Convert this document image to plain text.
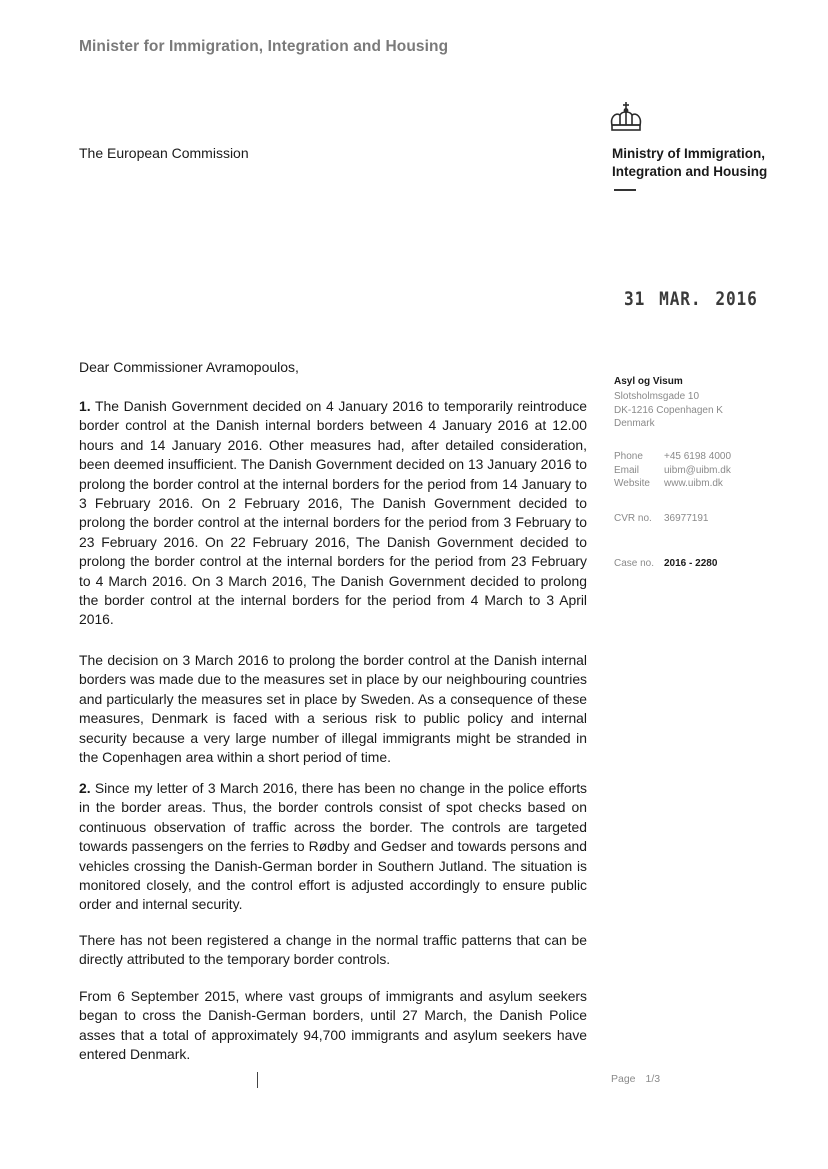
Minister for Immigration, Integration and Housing
The European Commission	Ministry of Immigration,
Integration and Housing
31 MAR. 2016
Dear Commissioner Avramopoulos,
1. The Danish Government decided on 4 January 2016 to temporarily reintroduce border control at the Danish internal borders between 4 January 2016 at 12.00 hours and 14 January 2016. Other measures had, after detailed consideration, been deemed insufficient. The Danish Government decided on 13 January 2016 to prolong the border control at the internal borders for the period from 14 January to 3 February 2016. On 2 February 2016, The Danish Government decided to prolong the border control at the internal borders for the period from 3 February to 23 February 2016. On 22 February 2016, The Danish Government decided to prolong the border control at the internal borders for the period from 23 February to 4 March 2016. On 3 March 2016, The Danish Government decided to prolong the border control at the internal borders for the period from 4 March to 3 April 2016.
The decision on 3 March 2016 to prolong the border control at the Danish internal borders was made due to the measures set in place by our neighbouring countries and particularly the measures set in place by Sweden. As a consequence of these measures, Denmark is faced with a serious risk to public policy and internal security because a very large number of illegal immigrants might be stranded in the Copenhagen area within a short period of time.
2. Since my letter of 3 March 2016, there has been no change in the police efforts in the border areas. Thus, the border controls consist of spot checks based on continuous observation of traffic across the border. The controls are targeted towards passengers on the ferries to Rødby and Gedser and towards persons and vehicles crossing the Danish-German border in Southern Jutland. The situation is monitored closely, and the control effort is adjusted accordingly to ensure public order and internal security.
There has not been registered a change in the normal traffic patterns that can be directly attributed to the temporary border controls.
From 6 September 2015, where vast groups of immigrants and asylum seekers began to cross the Danish-German borders, until 27 March, the Danish Police asses that a total of approximately 94,700 immigrants and asylum seekers have entered Denmark.
Asyl og Visum
Slotsholmsgade 10
DK-1216 Copenhagen K
Denmark
Phone	+45 6198 4000
Email	uibm@uibm.dk
Website	www.uibm.dk
CVR no.	36977191
Case no. 2016 - 2280
Page 1/3
